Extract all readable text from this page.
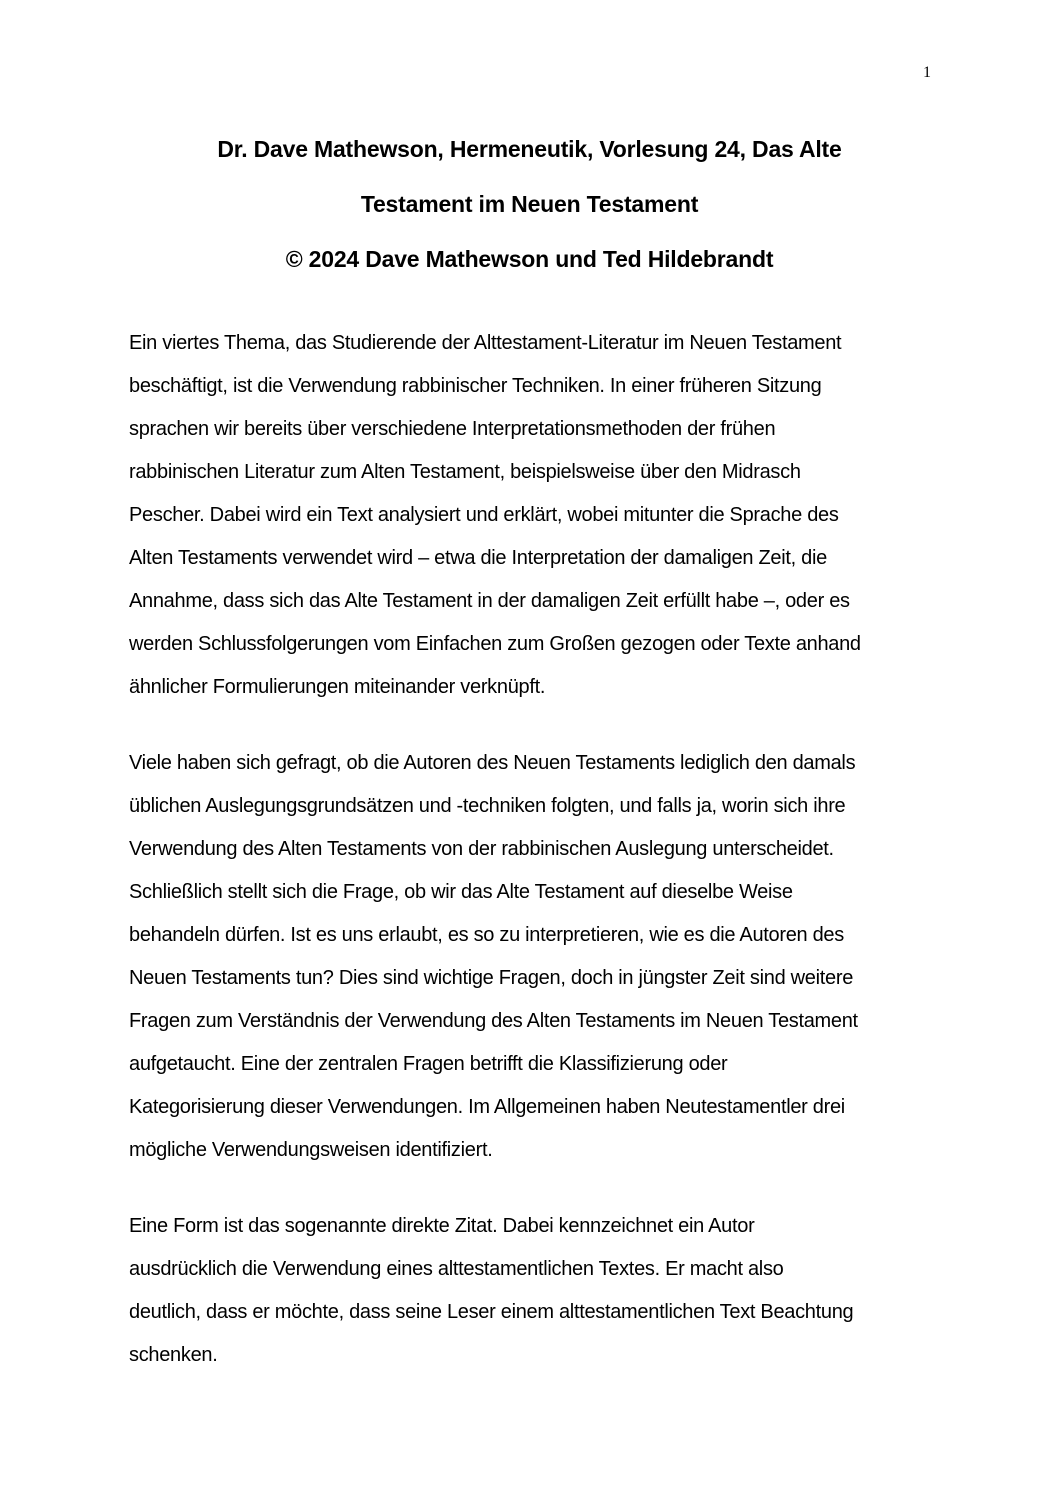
1
Dr. Dave Mathewson, Hermeneutik, Vorlesung 24, Das Alte
Testament im Neuen Testament
© 2024 Dave Mathewson und Ted Hildebrandt
Ein viertes Thema, das Studierende der Alttestament-Literatur im Neuen Testament
beschäftigt, ist die Verwendung rabbinischer Techniken. In einer früheren Sitzung
sprachen wir bereits über verschiedene Interpretationsmethoden der frühen
rabbinischen Literatur zum Alten Testament, beispielsweise über den Midrasch
Pescher. Dabei wird ein Text analysiert und erklärt, wobei mitunter die Sprache des
Alten Testaments verwendet wird – etwa die Interpretation der damaligen Zeit, die
Annahme, dass sich das Alte Testament in der damaligen Zeit erfüllt habe –, oder es
werden Schlussfolgerungen vom Einfachen zum Großen gezogen oder Texte anhand
ähnlicher Formulierungen miteinander verknüpft.
Viele haben sich gefragt, ob die Autoren des Neuen Testaments lediglich den damals
üblichen Auslegungsgrundsätzen und -techniken folgten, und falls ja, worin sich ihre
Verwendung des Alten Testaments von der rabbinischen Auslegung unterscheidet.
Schließlich stellt sich die Frage, ob wir das Alte Testament auf dieselbe Weise
behandeln dürfen. Ist es uns erlaubt, es so zu interpretieren, wie es die Autoren des
Neuen Testaments tun? Dies sind wichtige Fragen, doch in jüngster Zeit sind weitere
Fragen zum Verständnis der Verwendung des Alten Testaments im Neuen Testament
aufgetaucht. Eine der zentralen Fragen betrifft die Klassifizierung oder
Kategorisierung dieser Verwendungen. Im Allgemeinen haben Neutestamentler drei
mögliche Verwendungsweisen identifiziert.
Eine Form ist das sogenannte direkte Zitat. Dabei kennzeichnet ein Autor
ausdrücklich die Verwendung eines alttestamentlichen Textes. Er macht also
deutlich, dass er möchte, dass seine Leser einem alttestamentlichen Text Beachtung
schenken.
